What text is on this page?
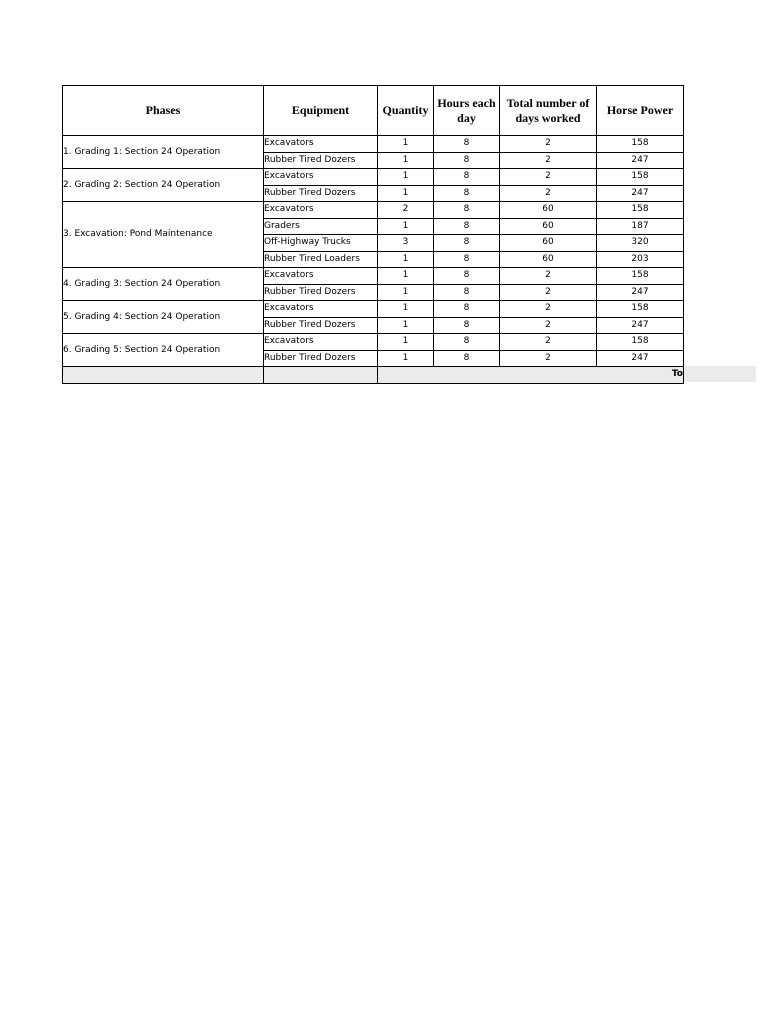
Phases	Equipment	Quantity	Hours each day	Total number of days worked	Horse Power
1. Grading 1: Section 24 Operation	Excavators	1	8	2	158
	Rubber Tired Dozers	1	8	2	247
2. Grading 2: Section 24 Operation	Excavators	1	8	2	158
	Rubber Tired Dozers	1	8	2	247
3. Excavation: Pond Maintenance	Excavators	2	8	60	158
	Graders	1	8	60	187
	Off-Highway Trucks	3	8	60	320
	Rubber Tired Loaders	1	8	60	203
4. Grading 3: Section 24 Operation	Excavators	1	8	2	158
	Rubber Tired Dozers	1	8	2	247
5. Grading 4: Section 24 Operation	Excavators	1	8	2	158
	Rubber Tired Dozers	1	8	2	247
6. Grading 5: Section 24 Operation	Excavators	1	8	2	158
	Rubber Tired Dozers	1	8	2	247

		To			
